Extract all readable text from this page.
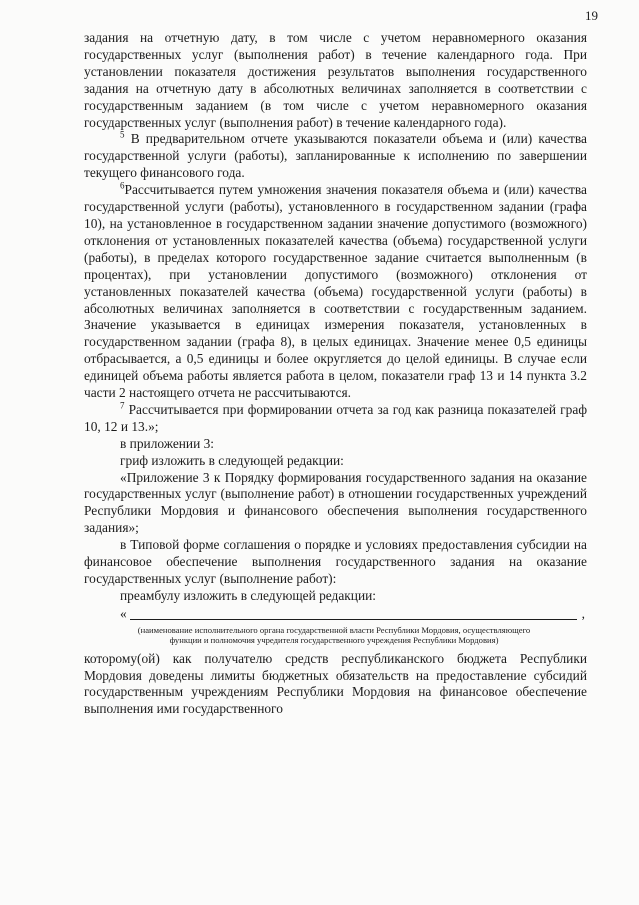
19

задания на отчетную дату, в том числе с учетом неравномерного оказания государственных услуг (выполнения работ) в течение календарного года. При установлении показателя достижения результатов выполнения государственного задания на отчетную дату в абсолютных величинах заполняется в соответствии с государственным заданием (в том числе с учетом неравномерного оказания государственных услуг (выполнения работ) в течение календарного года).

$^5$ В предварительном отчете указываются показатели объема и (или) качества государственной услуги (работы), запланированные к исполнению по завершении текущего финансового года.

$^6$Рассчитывается путем умножения значения показателя объема и (или) качества государственной услуги (работы), установленного в государственном задании (графа 10), на установленное в государственном задании значение допустимого (возможного) отклонения от установленных показателей качества (объема) государственной услуги (работы), в пределах которого государственное задание считается выполненным (в процентах), при установлении допустимого (возможного) отклонения от установленных показателей качества (объема) государственной услуги (работы) в абсолютных величинах заполняется в соответствии с государственным заданием. Значение указывается в единицах измерения показателя, установленных в государственном задании (графа 8), в целых единицах. Значение менее 0,5 единицы отбрасывается, а 0,5 единицы и более округляется до целой единицы. В случае если единицей объема работы является работа в целом, показатели граф 13 и 14 пункта 3.2 части 2 настоящего отчета не рассчитываются.

$^7$ Рассчитывается при формировании отчета за год как разница показателей граф 10, 12 и 13.»;

в приложении 3:

гриф изложить в следующей редакции:

«Приложение 3 к Порядку формирования государственного задания на оказание государственных услуг (выполнение работ) в отношении государственных учреждений Республики Мордовия и финансового обеспечения выполнения государственного задания»;

в Типовой форме соглашения о порядке и условиях предоставления субсидии на финансовое обеспечение выполнения государственного задания на оказание государственных услуг (выполнение работ):

преамбулу изложить в следующей редакции:

«	,
(наименование исполнительного органа государственной власти Республики Мордовия, осуществляющего функции и полномочия учредителя государственного учреждения Республики Мордовия)

которому(ой) как получателю средств республиканского бюджета Республики Мордовия доведены лимиты бюджетных обязательств на предоставление субсидий государственным учреждениям Республики Мордовия на финансовое обеспечение выполнения ими государственного
